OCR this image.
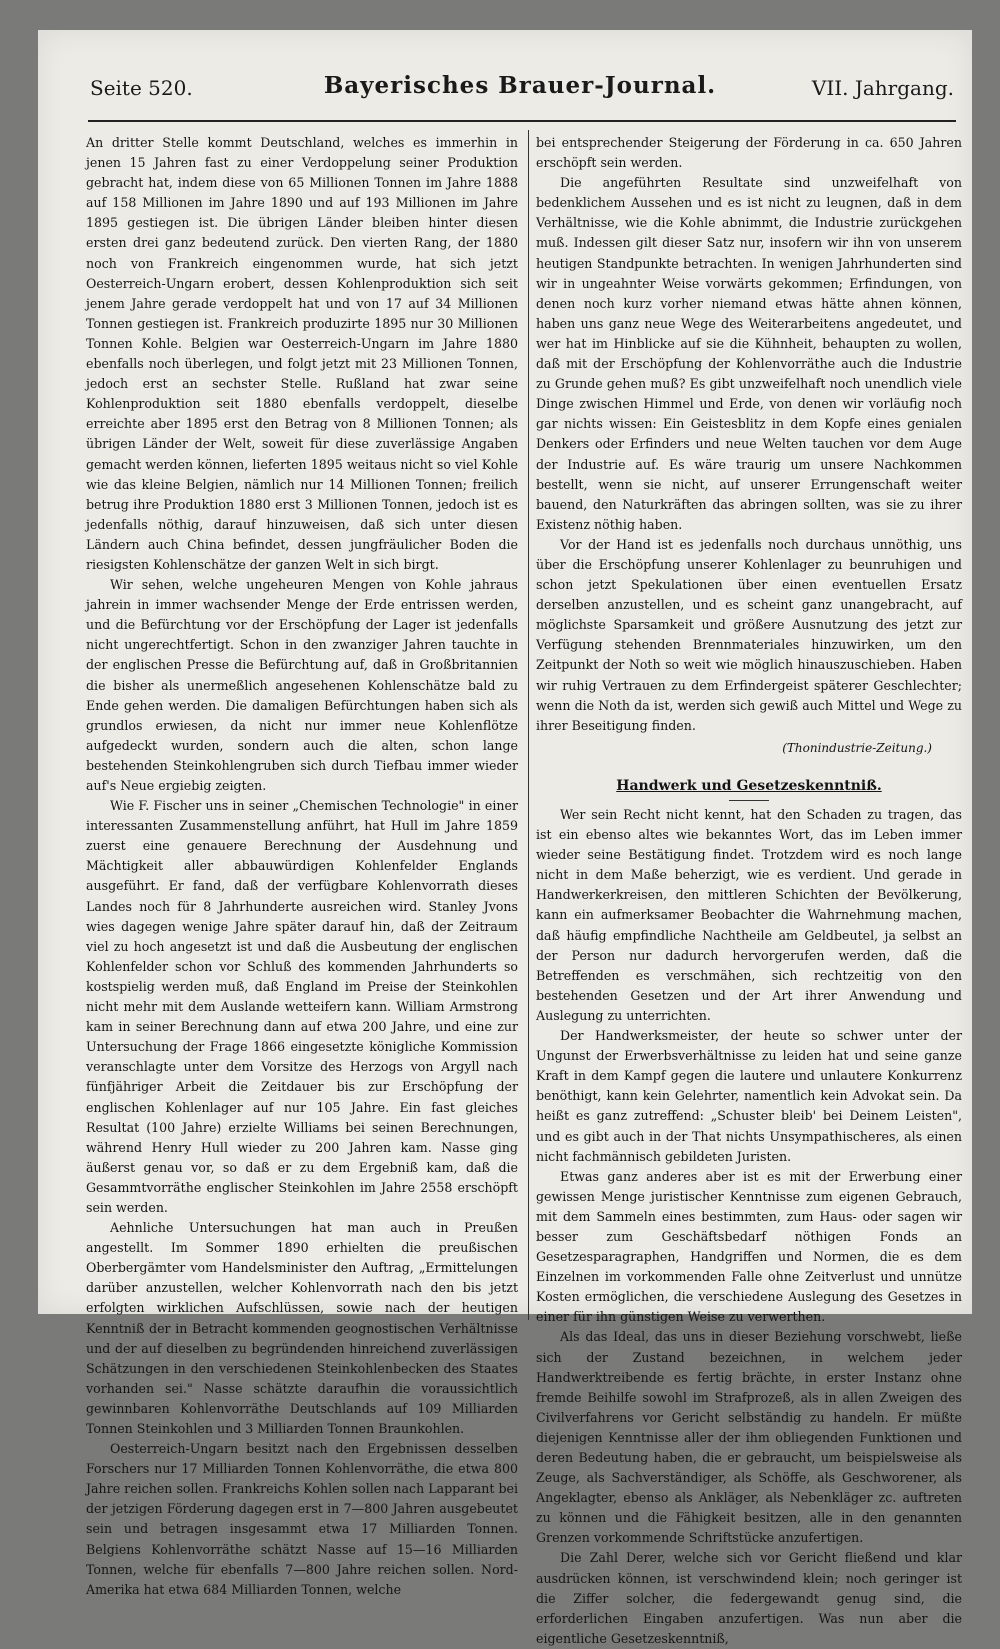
Seite 520.	Bayerisches Brauer-Journal.	VII. Jahrgang.

An dritter Stelle kommt Deutschland, welches es immerhin in jenen 15 Jahren fast zu einer Verdoppelung seiner Produktion gebracht hat, indem diese von 65 Millionen Tonnen im Jahre 1888 auf 158 Millionen im Jahre 1890 und auf 193 Millionen im Jahre 1895 gestiegen ist. Die übrigen Länder bleiben hinter diesen ersten drei ganz bedeutend zurück. Den vierten Rang, der 1880 noch von Frankreich eingenommen wurde, hat sich jetzt Oesterreich-Ungarn erobert, dessen Kohlenproduktion sich seit jenem Jahre gerade verdoppelt hat und von 17 auf 34 Millionen Tonnen gestiegen ist. Frankreich produzirte 1895 nur 30 Millionen Tonnen Kohle. Belgien war Oesterreich-Ungarn im Jahre 1880 ebenfalls noch überlegen, und folgt jetzt mit 23 Millionen Tonnen, jedoch erst an sechster Stelle. Rußland hat zwar seine Kohlenproduktion seit 1880 ebenfalls verdoppelt, dieselbe erreichte aber 1895 erst den Betrag von 8 Millionen Tonnen; als übrigen Länder der Welt, soweit für diese zuverlässige Angaben gemacht werden können, lieferten 1895 weitaus nicht so viel Kohle wie das kleine Belgien, nämlich nur 14 Millionen Tonnen; freilich betrug ihre Produktion 1880 erst 3 Millionen Tonnen, jedoch ist es jedenfalls nöthig, darauf hinzuweisen, daß sich unter diesen Ländern auch China befindet, dessen jungfräulicher Boden die riesigsten Kohlenschätze der ganzen Welt in sich birgt.

Wir sehen, welche ungeheuren Mengen von Kohle jahraus jahrein in immer wachsender Menge der Erde entrissen werden, und die Befürchtung vor der Erschöpfung der Lager ist jedenfalls nicht ungerechtfertigt. Schon in den zwanziger Jahren tauchte in der englischen Presse die Befürchtung auf, daß in Großbritannien die bisher als unermeßlich angesehenen Kohlenschätze bald zu Ende gehen werden. Die damaligen Befürchtungen haben sich als grundlos erwiesen, da nicht nur immer neue Kohlenflötze aufgedeckt wurden, sondern auch die alten, schon lange bestehenden Steinkohlengruben sich durch Tiefbau immer wieder auf's Neue ergiebig zeigten.

Wie F. Fischer uns in seiner „Chemischen Technologie" in einer interessanten Zusammenstellung anführt, hat Hull im Jahre 1859 zuerst eine genauere Berechnung der Ausdehnung und Mächtigkeit aller abbauwürdigen Kohlenfelder Englands ausgeführt. Er fand, daß der verfügbare Kohlenvorrath dieses Landes noch für 8 Jahrhunderte ausreichen wird. Stanley Jvons wies dagegen wenige Jahre später darauf hin, daß der Zeitraum viel zu hoch angesetzt ist und daß die Ausbeutung der englischen Kohlenfelder schon vor Schluß des kommenden Jahrhunderts so kostspielig werden muß, daß England im Preise der Steinkohlen nicht mehr mit dem Auslande wetteifern kann. William Armstrong kam in seiner Berechnung dann auf etwa 200 Jahre, und eine zur Untersuchung der Frage 1866 eingesetzte königliche Kommission veranschlagte unter dem Vorsitze des Herzogs von Argyll nach fünfjähriger Arbeit die Zeitdauer bis zur Erschöpfung der englischen Kohlenlager auf nur 105 Jahre. Ein fast gleiches Resultat (100 Jahre) erzielte Williams bei seinen Berechnungen, während Henry Hull wieder zu 200 Jahren kam. Nasse ging äußerst genau vor, so daß er zu dem Ergebniß kam, daß die Gesammtvorräthe englischer Steinkohlen im Jahre 2558 erschöpft sein werden.

Aehnliche Untersuchungen hat man auch in Preußen angestellt. Im Sommer 1890 erhielten die preußischen Oberbergämter vom Handelsminister den Auftrag, „Ermittelungen darüber anzustellen, welcher Kohlenvorrath nach den bis jetzt erfolgten wirklichen Aufschlüssen, sowie nach der heutigen Kenntniß der in Betracht kommenden geognostischen Verhältnisse und der auf dieselben zu begründenden hinreichend zuverlässigen Schätzungen in den verschiedenen Steinkohlenbecken des Staates vorhanden sei." Nasse schätzte daraufhin die voraussichtlich gewinnbaren Kohlenvorräthe Deutschlands auf 109 Milliarden Tonnen Steinkohlen und 3 Milliarden Tonnen Braunkohlen.

Oesterreich-Ungarn besitzt nach den Ergebnissen desselben Forschers nur 17 Milliarden Tonnen Kohlenvorräthe, die etwa 800 Jahre reichen sollen. Frankreichs Kohlen sollen nach Lapparant bei der jetzigen Förderung dagegen erst in 7—800 Jahren ausgebeutet sein und betragen insgesammt etwa 17 Milliarden Tonnen. Belgiens Kohlenvorräthe schätzt Nasse auf 15—16 Milliarden Tonnen, welche für ebenfalls 7—800 Jahre reichen sollen. Nord-Amerika hat etwa 684 Milliarden Tonnen, welche

bei entsprechender Steigerung der Förderung in ca. 650 Jahren erschöpft sein werden.

Die angeführten Resultate sind unzweifelhaft von bedenklichem Aussehen und es ist nicht zu leugnen, daß in dem Verhältnisse, wie die Kohle abnimmt, die Industrie zurückgehen muß. Indessen gilt dieser Satz nur, insofern wir ihn von unserem heutigen Standpunkte betrachten. In wenigen Jahrhunderten sind wir in ungeahnter Weise vorwärts gekommen; Erfindungen, von denen noch kurz vorher niemand etwas hätte ahnen können, haben uns ganz neue Wege des Weiterarbeitens angedeutet, und wer hat im Hinblicke auf sie die Kühnheit, behaupten zu wollen, daß mit der Erschöpfung der Kohlenvorräthe auch die Industrie zu Grunde gehen muß? Es gibt unzweifelhaft noch unendlich viele Dinge zwischen Himmel und Erde, von denen wir vorläufig noch gar nichts wissen: Ein Geistesblitz in dem Kopfe eines genialen Denkers oder Erfinders und neue Welten tauchen vor dem Auge der Industrie auf. Es wäre traurig um unsere Nachkommen bestellt, wenn sie nicht, auf unserer Errungenschaft weiter bauend, den Naturkräften das abringen sollten, was sie zu ihrer Existenz nöthig haben.

Vor der Hand ist es jedenfalls noch durchaus unnöthig, uns über die Erschöpfung unserer Kohlenlager zu beunruhigen und schon jetzt Spekulationen über einen eventuellen Ersatz derselben anzustellen, und es scheint ganz unangebracht, auf möglichste Sparsamkeit und größere Ausnutzung des jetzt zur Verfügung stehenden Brennmateriales hinzuwirken, um den Zeitpunkt der Noth so weit wie möglich hinauszuschieben. Haben wir ruhig Vertrauen zu dem Erfindergeist späterer Geschlechter; wenn die Noth da ist, werden sich gewiß auch Mittel und Wege zu ihrer Beseitigung finden.

(Thonindustrie-Zeitung.)
Handwerk und Gesetzeskenntniß.

Wer sein Recht nicht kennt, hat den Schaden zu tragen, das ist ein ebenso altes wie bekanntes Wort, das im Leben immer wieder seine Bestätigung findet. Trotzdem wird es noch lange nicht in dem Maße beherzigt, wie es verdient. Und gerade in Handwerkerkreisen, den mittleren Schichten der Bevölkerung, kann ein aufmerksamer Beobachter die Wahrnehmung machen, daß häufig empfindliche Nachtheile am Geldbeutel, ja selbst an der Person nur dadurch hervorgerufen werden, daß die Betreffenden es verschmähen, sich rechtzeitig von den bestehenden Gesetzen und der Art ihrer Anwendung und Auslegung zu unterrichten.

Der Handwerksmeister, der heute so schwer unter der Ungunst der Erwerbsverhältnisse zu leiden hat und seine ganze Kraft in dem Kampf gegen die lautere und unlautere Konkurrenz benöthigt, kann kein Gelehrter, namentlich kein Advokat sein. Da heißt es ganz zutreffend: „Schuster bleib' bei Deinem Leisten", und es gibt auch in der That nichts Unsympathischeres, als einen nicht fachmännisch gebildeten Juristen.

Etwas ganz anderes aber ist es mit der Erwerbung einer gewissen Menge juristischer Kenntnisse zum eigenen Gebrauch, mit dem Sammeln eines bestimmten, zum Haus- oder sagen wir besser zum Geschäftsbedarf nöthigen Fonds an Gesetzesparagraphen, Handgriffen und Normen, die es dem Einzelnen im vorkommenden Falle ohne Zeitverlust und unnütze Kosten ermöglichen, die verschiedene Auslegung des Gesetzes in einer für ihn günstigen Weise zu verwerthen.

Als das Ideal, das uns in dieser Beziehung vorschwebt, ließe sich der Zustand bezeichnen, in welchem jeder Handwerktreibende es fertig brächte, in erster Instanz ohne fremde Beihilfe sowohl im Strafprozeß, als in allen Zweigen des Civilverfahrens vor Gericht selbständig zu handeln. Er müßte diejenigen Kenntnisse aller der ihm obliegenden Funktionen und deren Bedeutung haben, die er gebraucht, um beispielsweise als Zeuge, als Sachverständiger, als Schöffe, als Geschworener, als Angeklagter, ebenso als Ankläger, als Nebenkläger zc. auftreten zu können und die Fähigkeit besitzen, alle in den genannten Grenzen vorkommende Schriftstücke anzufertigen.

Die Zahl Derer, welche sich vor Gericht fließend und klar ausdrücken können, ist verschwindend klein; noch geringer ist die Ziffer solcher, die federgewandt genug sind, die erforderlichen Eingaben anzufertigen. Was nun aber die eigentliche Gesetzeskenntniß,
